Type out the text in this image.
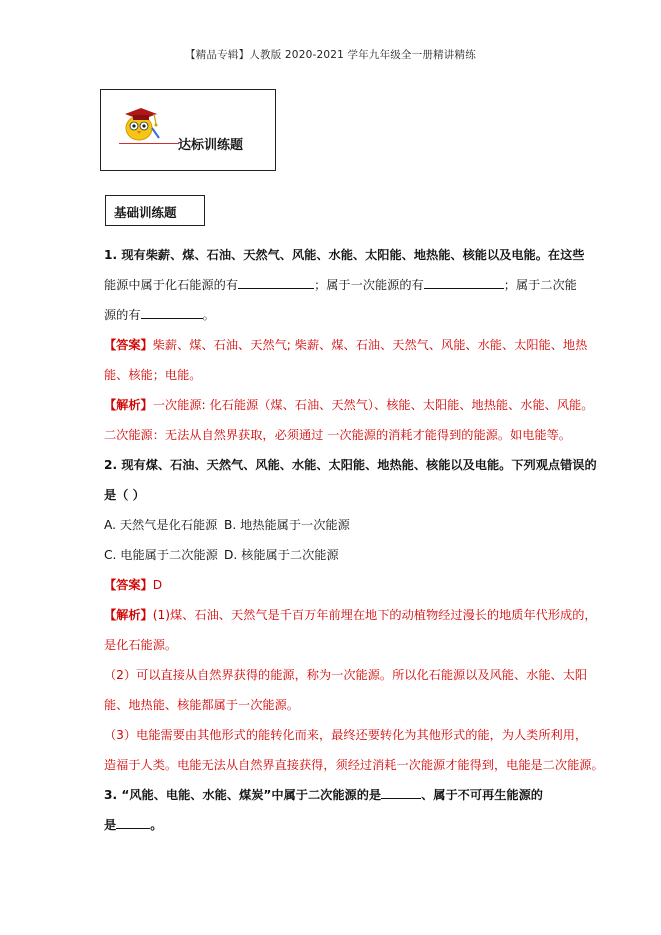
【精品专辑】人教版 2020-2021 学年九年级全一册精讲精练
达标训练题
基础训练题
1. 现有柴薪、煤、石油、天然气、风能、水能、太阳能、地热能、核能以及电能。在这些
能源中属于化石能源的有	；属于一次能源的有	；属于二次能
源的有	。
【答案】柴薪、煤、石油、天然气; 柴薪、煤、石油、天然气、风能、水能、太阳能、地热
能、核能；电能。
【解析】一次能源: 化石能源（煤、石油、天然气）、核能、太阳能、地热能、水能、风能。
二次能源：无法从自然界获取，必须通过 一次能源的消耗才能得到的能源。如电能等。
2. 现有煤、石油、天然气、风能、水能、太阳能、地热能、核能以及电能。下列观点错误的
是（ ）
A. 天然气是化石能源 B. 地热能属于一次能源
C. 电能属于二次能源 D. 核能属于二次能源
【答案】D
【解析】(1)煤、石油、天然气是千百万年前埋在地下的动植物经过漫长的地质年代形成的，
是化石能源。
（2）可以直接从自然界获得的能源，称为一次能源。所以化石能源以及风能、水能、太阳
能、地热能、核能都属于一次能源。
（3）电能需要由其他形式的能转化而来，最终还要转化为其他形式的能，为人类所利用，
造福于人类。电能无法从自然界直接获得，须经过消耗一次能源才能得到，电能是二次能源。
3. “风能、电能、水能、煤炭”中属于二次能源的是	、属于不可再生能源的
是	。
